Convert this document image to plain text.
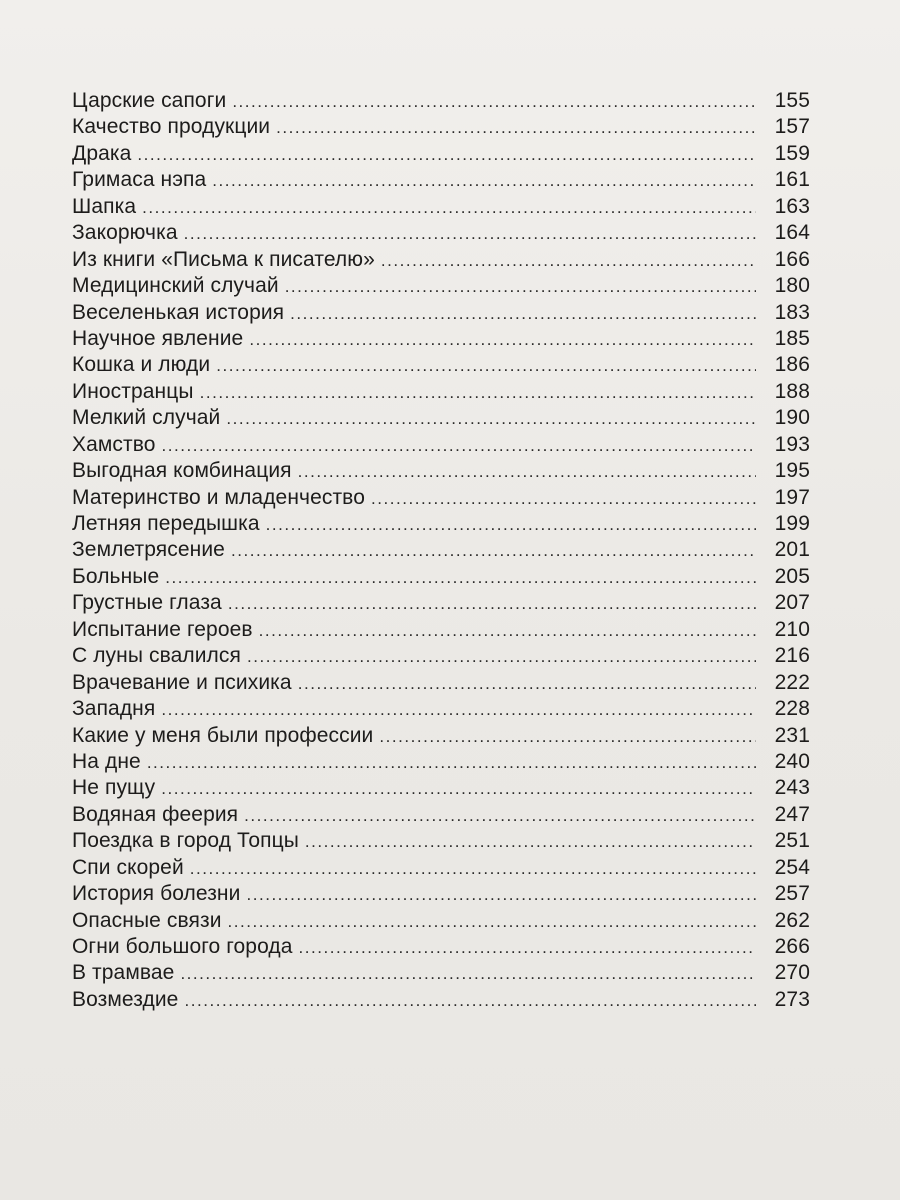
Царские сапоги . . .	155
Качество продукции . . .	157
Драка . . .	159
Гримаса нэпа . . .	161
Шапка . . .	163
Закорючка . . .	164
Из книги «Письма к писателю» . . .	166
Медицинский случай . . .	180
Веселенькая история . . .	183
Научное явление . . .	185
Кошка и люди . . .	186
Иностранцы . . .	188
Мелкий случай . . .	190
Хамство . . .	193
Выгодная комбинация . . .	195
Материнство и младенчество . . .	197
Летняя передышка . . .	199
Землетрясение . . .	201
Больные . . .	205
Грустные глаза . . .	207
Испытание героев . . .	210
С луны свалился . . .	216
Врачевание и психика . . .	222
Западня . . .	228
Какие у меня были профессии . . .	231
На дне . . .	240
Не пущу . . .	243
Водяная феерия . . .	247
Поездка в город Топцы . . .	251
Спи скорей . . .	254
История болезни . . .	257
Опасные связи . . .	262
Огни большого города . . .	266
В трамвае . . .	270
Возмездие . . .	273
